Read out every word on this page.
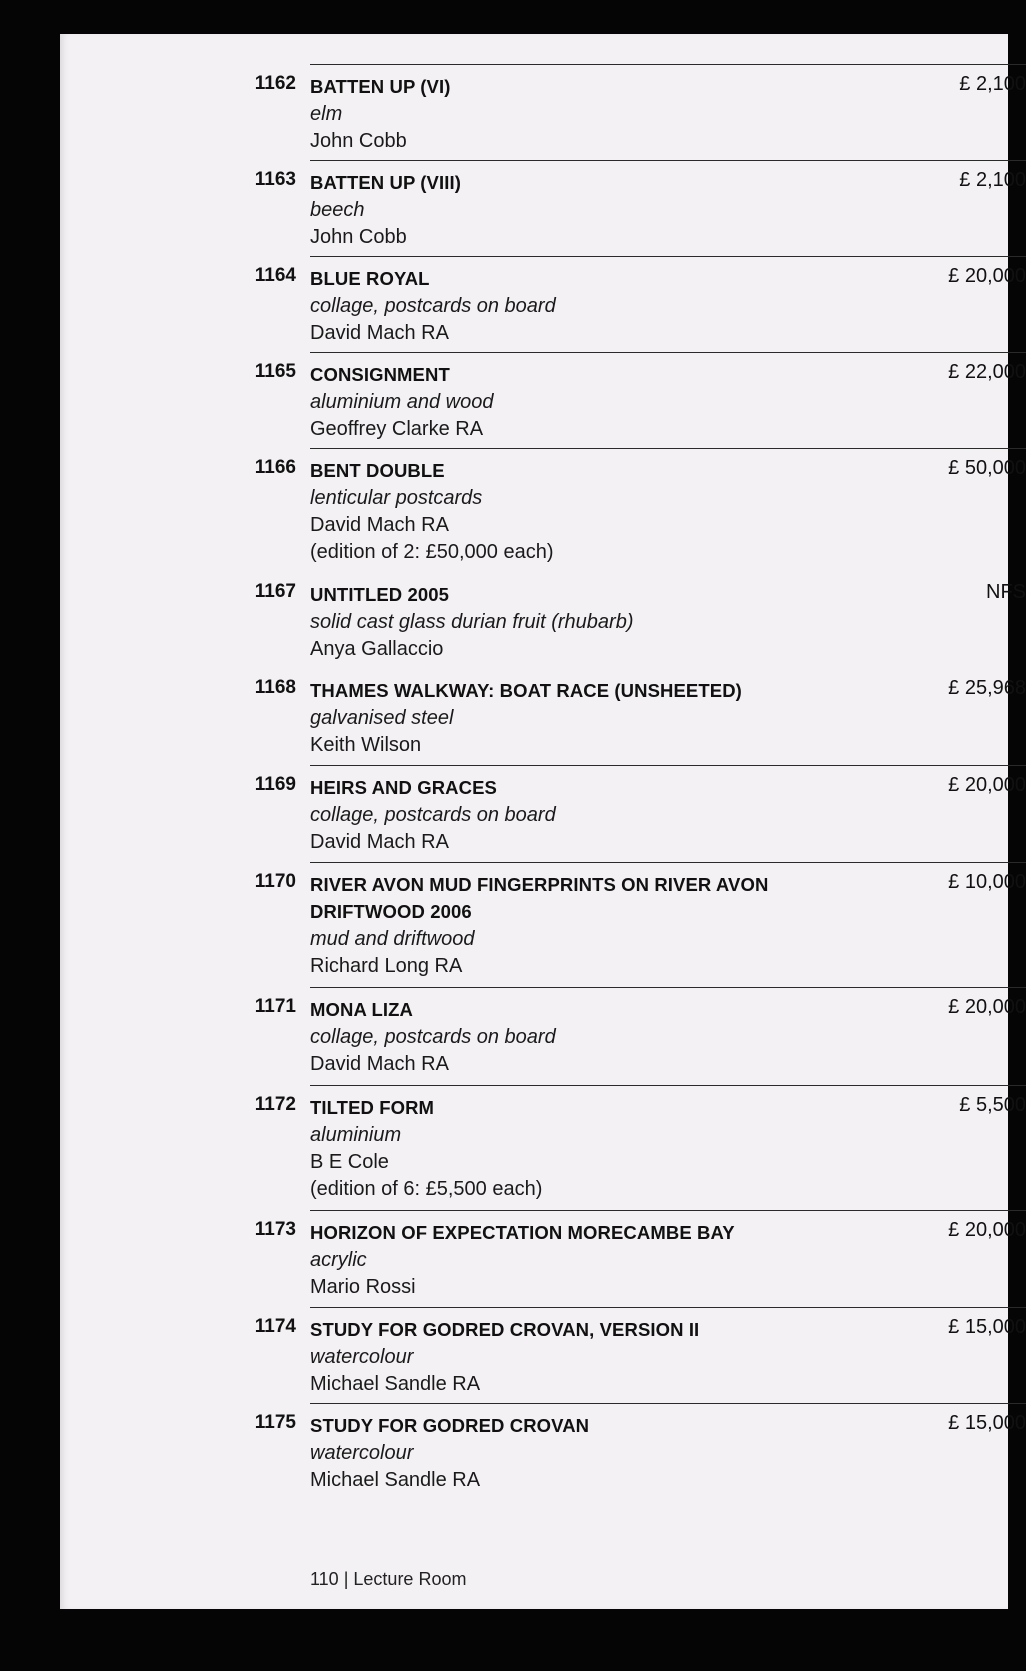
1162	£ 2,100
BATTEN UP (VI)
elm
John Cobb
1163	£ 2,100
BATTEN UP (VIII)
beech
John Cobb
1164	£ 20,000
BLUE ROYAL
collage, postcards on board
David Mach RA
1165	£ 22,000
CONSIGNMENT
aluminium and wood
Geoffrey Clarke RA
1166	£ 50,000
BENT DOUBLE
lenticular postcards
David Mach RA
(edition of 2: £50,000 each)
1167	NFS
UNTITLED 2005
solid cast glass durian fruit (rhubarb)
Anya Gallaccio
1168	£ 25,968
THAMES WALKWAY: BOAT RACE (UNSHEETED)
galvanised steel
Keith Wilson
1169	£ 20,000
HEIRS AND GRACES
collage, postcards on board
David Mach RA
1170	£ 10,000
RIVER AVON MUD FINGERPRINTS ON RIVER AVON
DRIFTWOOD 2006
mud and driftwood
Richard Long RA
1171	£ 20,000
MONA LIZA
collage, postcards on board
David Mach RA
1172	£ 5,500
TILTED FORM
aluminium
B E Cole
(edition of 6: £5,500 each)
1173	£ 20,000
HORIZON OF EXPECTATION MORECAMBE BAY
acrylic
Mario Rossi
1174	£ 15,000
STUDY FOR GODRED CROVAN, VERSION II
watercolour
Michael Sandle RA
1175	£ 15,000
STUDY FOR GODRED CROVAN
watercolour
Michael Sandle RA
110 | Lecture Room
